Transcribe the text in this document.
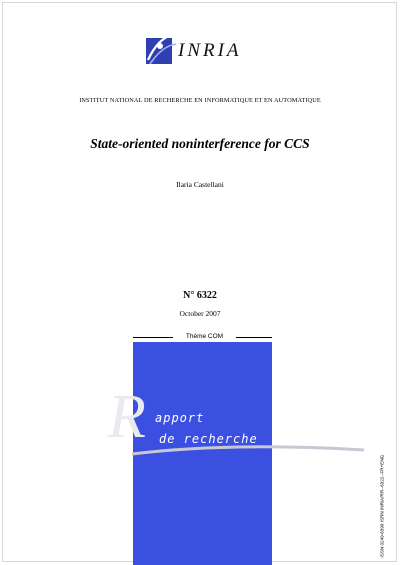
INRIA
INSTITUT NATIONAL DE RECHERCHE EN INFORMATIQUE ET EN AUTOMATIQUE
State-oriented noninterference for CCS
Ilaria Castellani
N° 6322
October 2007
Thème COM
R apport
de recherche
ISSN 0249-6399 ISRN INRIA/RR--6322--FR+ENG
